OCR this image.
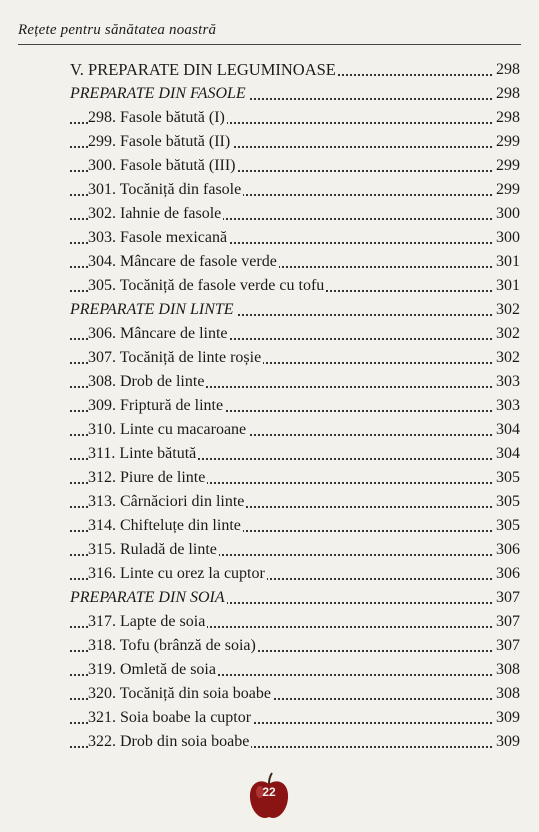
Rețete pentru sănătatea noastră
V. PREPARATE DIN LEGUMINOASE	298
PREPARATE DIN FASOLE	298
298. Fasole bătută (I)	298
299. Fasole bătută (II)	299
300. Fasole bătută (III)	299
301. Tocăniță din fasole	299
302. Iahnie de fasole	300
303. Fasole mexicană	300
304. Mâncare de fasole verde	301
305. Tocăniță de fasole verde cu tofu	301
PREPARATE DIN LINTE	302
306. Mâncare de linte	302
307. Tocăniță de linte roșie	302
308. Drob de linte	303
309. Friptură de linte	303
310. Linte cu macaroane	304
311. Linte bătută	304
312. Piure de linte	305
313. Cârnăciori din linte	305
314. Chifteluțe din linte	305
315. Ruladă de linte	306
316. Linte cu orez la cuptor	306
PREPARATE DIN SOIA	307
317. Lapte de soia	307
318. Tofu (brânză de soia)	307
319. Omletă de soia	308
320. Tocăniță din soia boabe	308
321. Soia boabe la cuptor	309
322. Drob din soia boabe	309
22
